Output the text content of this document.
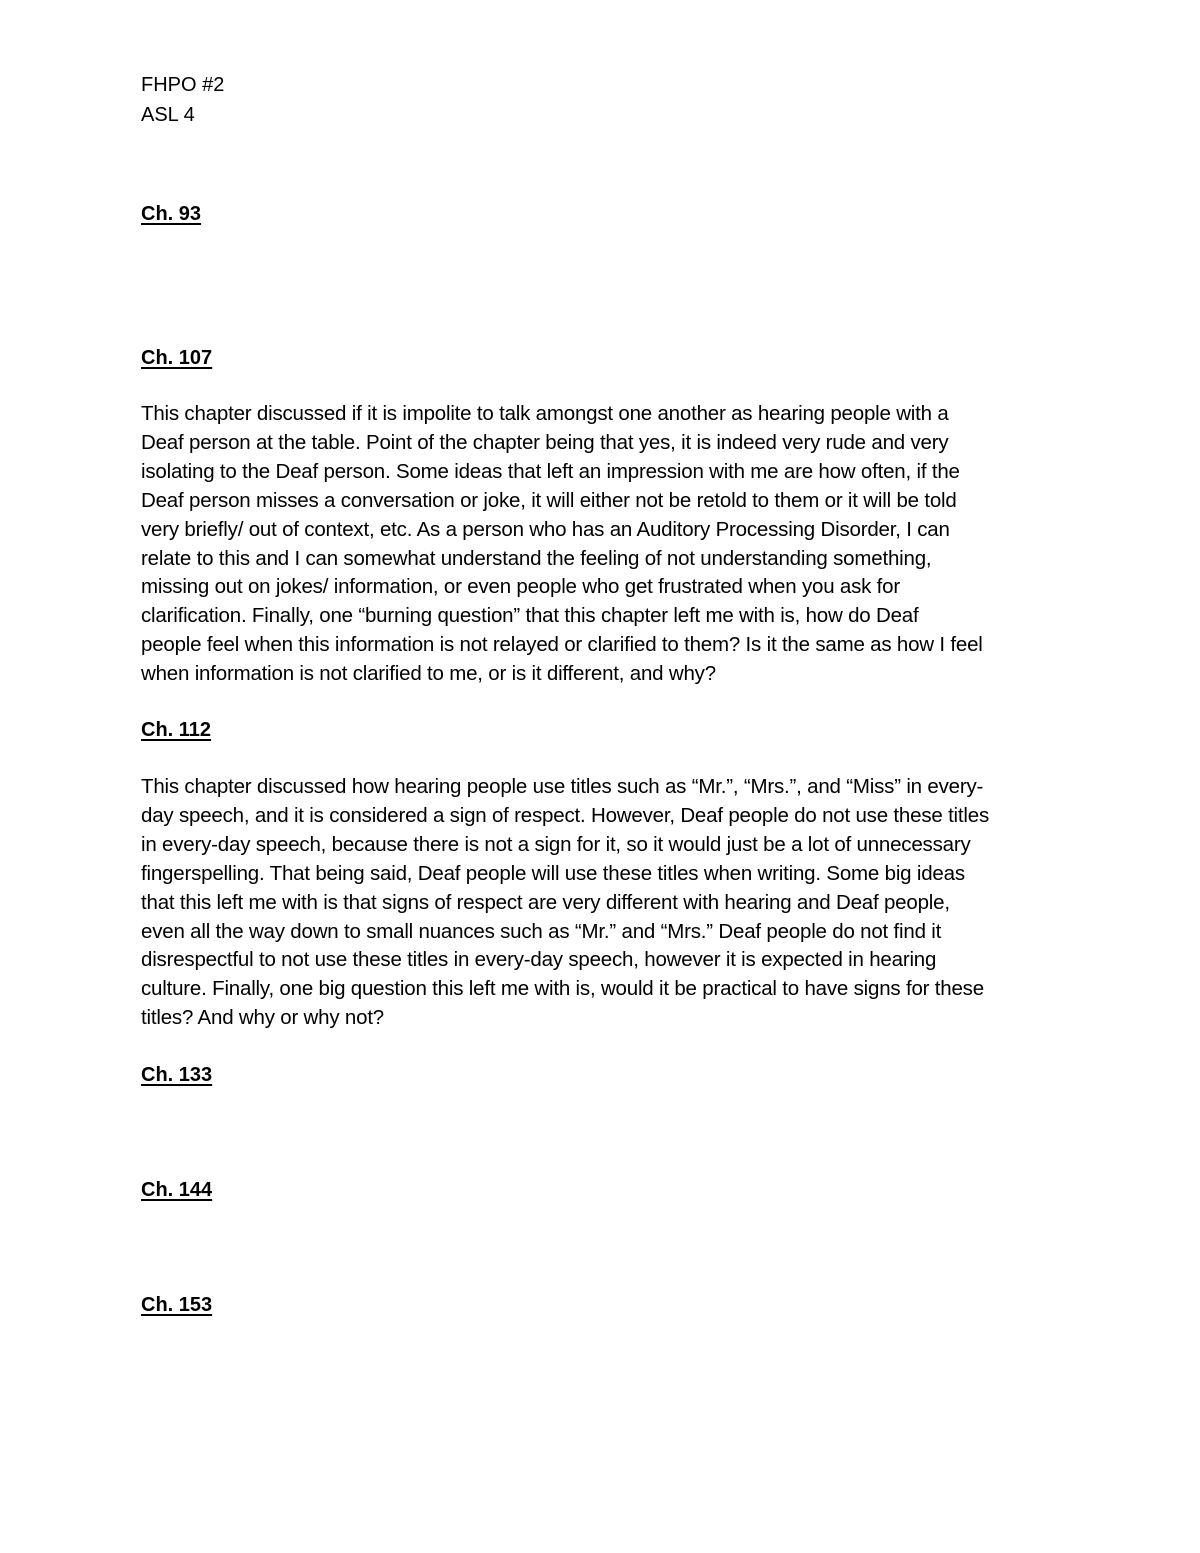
FHPO #2
ASL 4
Ch. 93
Ch. 107
This chapter discussed if it is impolite to talk amongst one another as hearing people with a
Deaf person at the table. Point of the chapter being that yes, it is indeed very rude and very
isolating to the Deaf person. Some ideas that left an impression with me are how often, if the
Deaf person misses a conversation or joke, it will either not be retold to them or it will be told
very briefly/ out of context, etc. As a person who has an Auditory Processing Disorder, I can
relate to this and I can somewhat understand the feeling of not understanding something,
missing out on jokes/ information, or even people who get frustrated when you ask for
clarification. Finally, one “burning question” that this chapter left me with is, how do Deaf
people feel when this information is not relayed or clarified to them? Is it the same as how I feel
when information is not clarified to me, or is it different, and why?
Ch. 112
This chapter discussed how hearing people use titles such as “Mr.”, “Mrs.”, and “Miss” in every-
day speech, and it is considered a sign of respect. However, Deaf people do not use these titles
in every-day speech, because there is not a sign for it, so it would just be a lot of unnecessary
fingerspelling. That being said, Deaf people will use these titles when writing. Some big ideas
that this left me with is that signs of respect are very different with hearing and Deaf people,
even all the way down to small nuances such as “Mr.” and “Mrs.” Deaf people do not find it
disrespectful to not use these titles in every-day speech, however it is expected in hearing
culture. Finally, one big question this left me with is, would it be practical to have signs for these
titles? And why or why not?
Ch. 133
Ch. 144
Ch. 153
